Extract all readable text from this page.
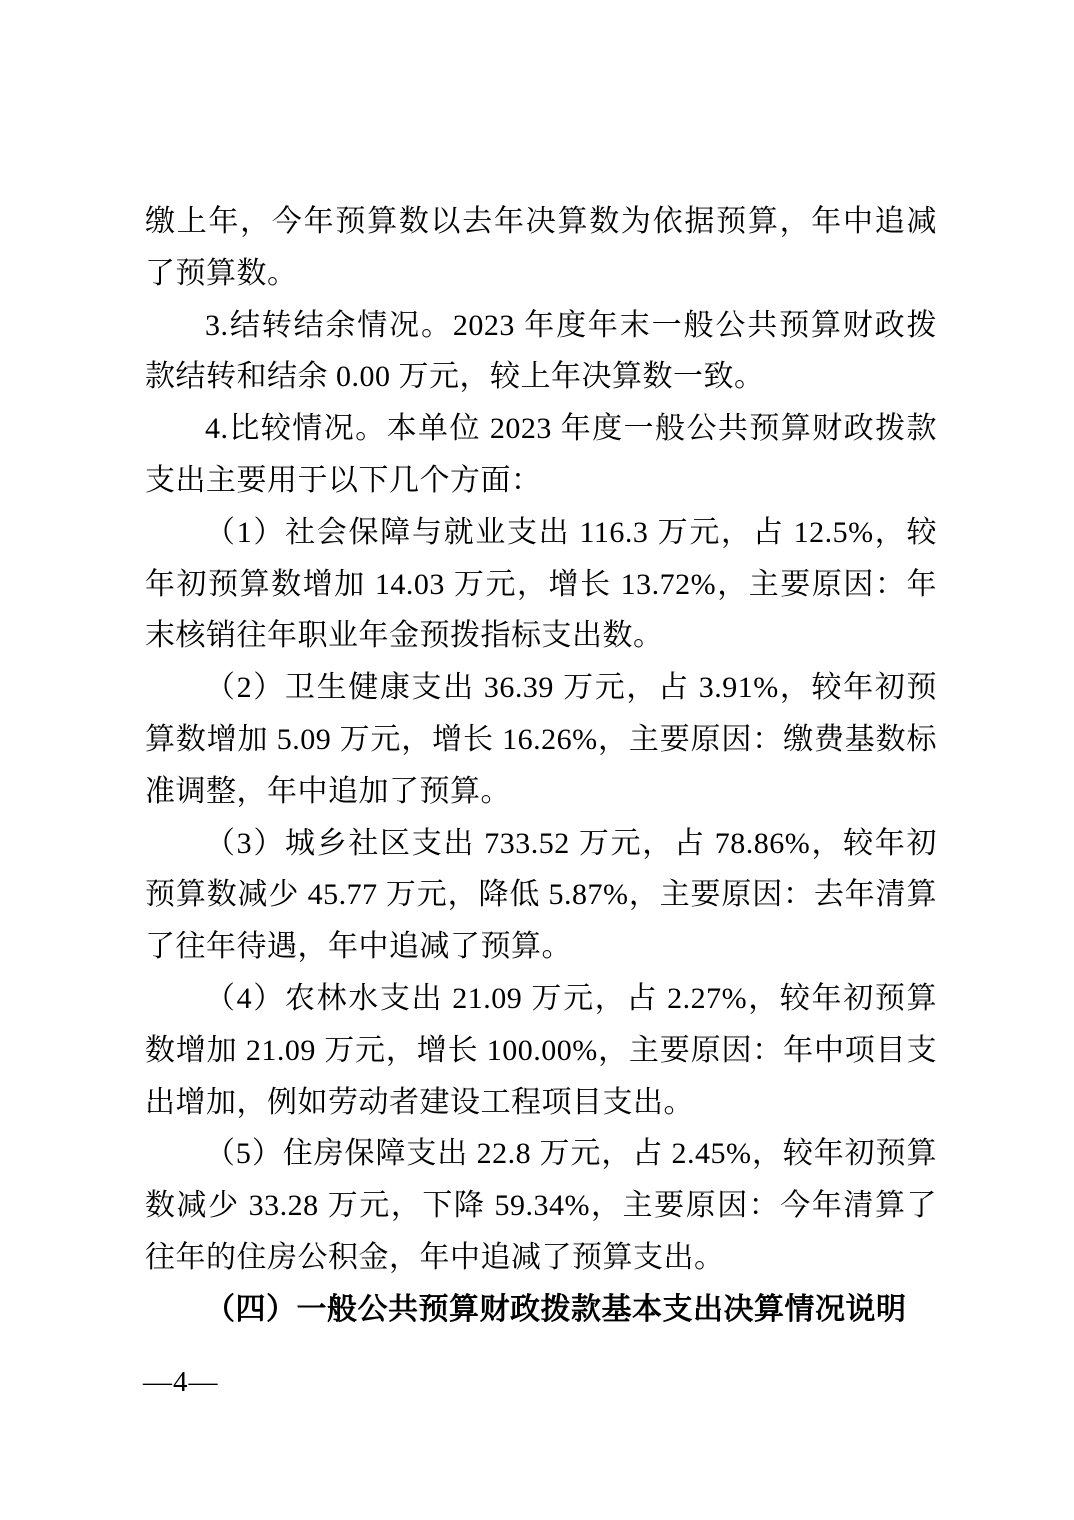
缴上年，今年预算数以去年决算数为依据预算，年中追减了预算数。

3.结转结余情况。2023 年度年末一般公共预算财政拨款结转和结余 0.00 万元，较上年决算数一致。

4.比较情况。本单位 2023 年度一般公共预算财政拨款支出主要用于以下几个方面：

（1）社会保障与就业支出 116.3 万元，占 12.5%，较年初预算数增加 14.03 万元，增长 13.72%，主要原因：年末核销往年职业年金预拨指标支出数。

（2）卫生健康支出 36.39 万元，占 3.91%，较年初预算数增加 5.09 万元，增长 16.26%，主要原因：缴费基数标准调整，年中追加了预算。

（3）城乡社区支出 733.52 万元，占 78.86%，较年初预算数减少 45.77 万元，降低 5.87%，主要原因：去年清算了往年待遇，年中追减了预算。

（4）农林水支出 21.09 万元，占 2.27%，较年初预算数增加 21.09 万元，增长 100.00%，主要原因：年中项目支出增加，例如劳动者建设工程项目支出。

（5）住房保障支出 22.8 万元，占 2.45%，较年初预算数减少 33.28 万元，下降 59.34%，主要原因：今年清算了往年的住房公积金，年中追减了预算支出。

（四）一般公共预算财政拨款基本支出决算情况说明

—4—
